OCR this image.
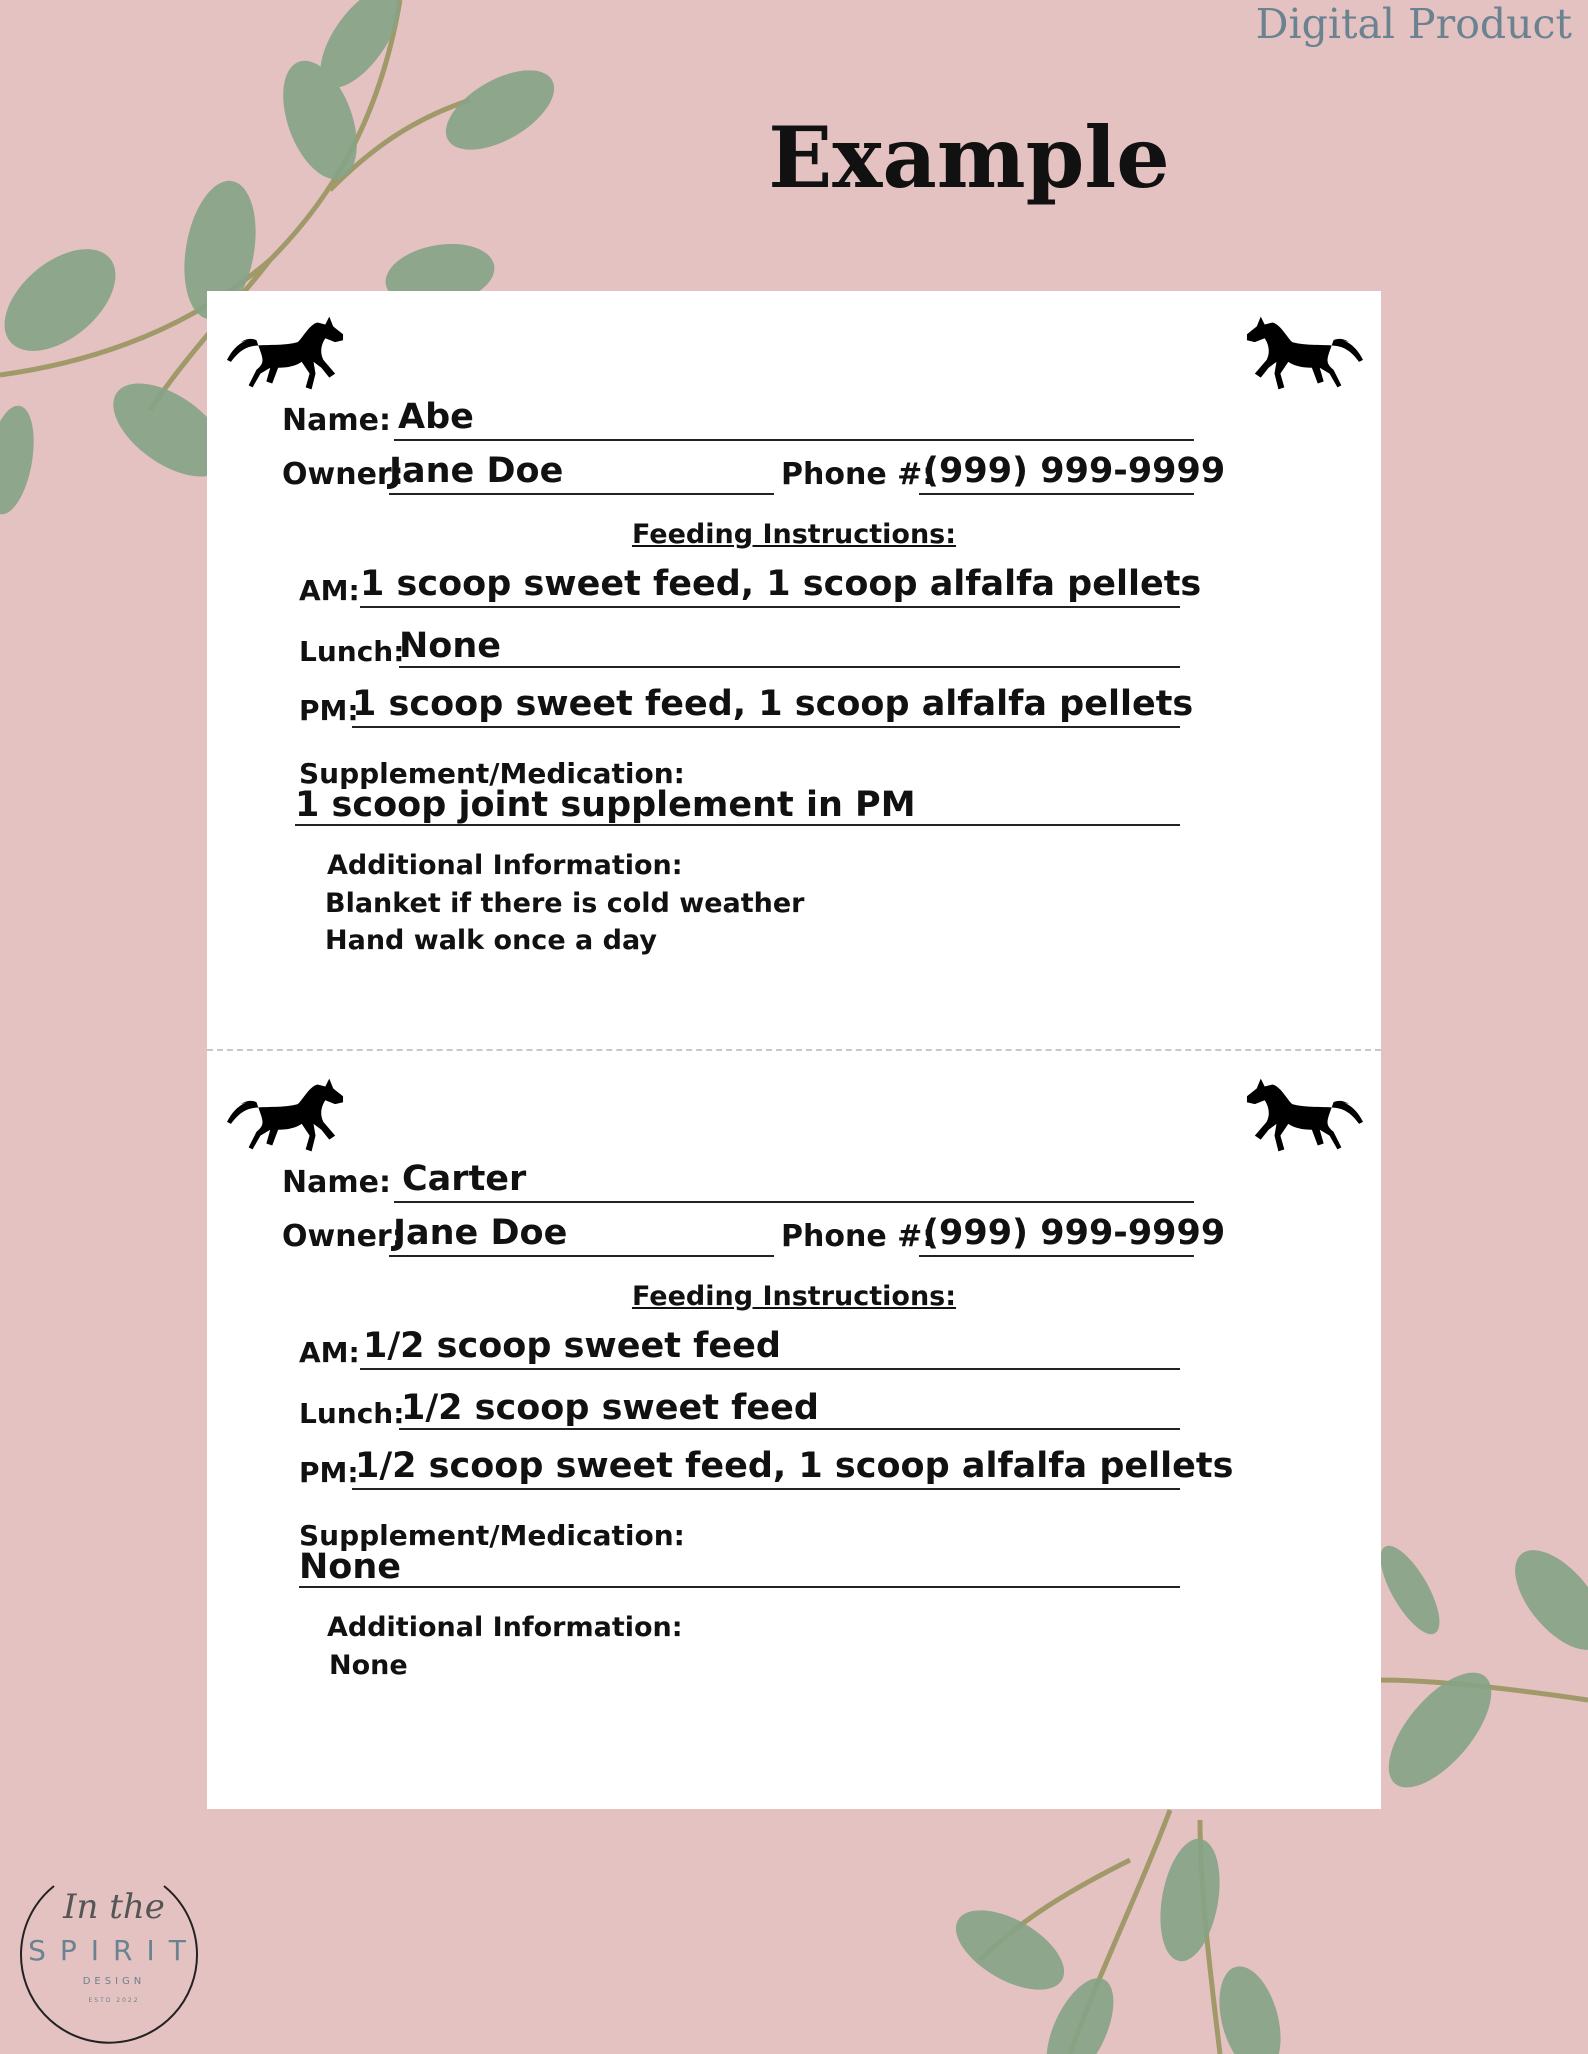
Digital Product
Example
Name: Abe
Owner:
Jane Doe	Phone #:
(999) 999-9999
Feeding Instructions:
AM: 1 scoop sweet feed, 1 scoop alfalfa pellets
Lunch:
None
PM:
1 scoop sweet feed, 1 scoop alfalfa pellets
Supplement/Medication:
1 scoop joint supplement in PM
Additional Information:
Blanket if there is cold weather
Hand walk once a day
Name: Carter
Owner:
Jane Doe	Phone #:
(999) 999-9999
Feeding Instructions:
AM: 1/2 scoop sweet feed
Lunch:
1/2 scoop sweet feed
PM:
1/2 scoop sweet feed, 1 scoop alfalfa pellets
Supplement/Medication:
None
Additional Information:
None
In the
SPIRIT
DESIGN
ESTD 2022
